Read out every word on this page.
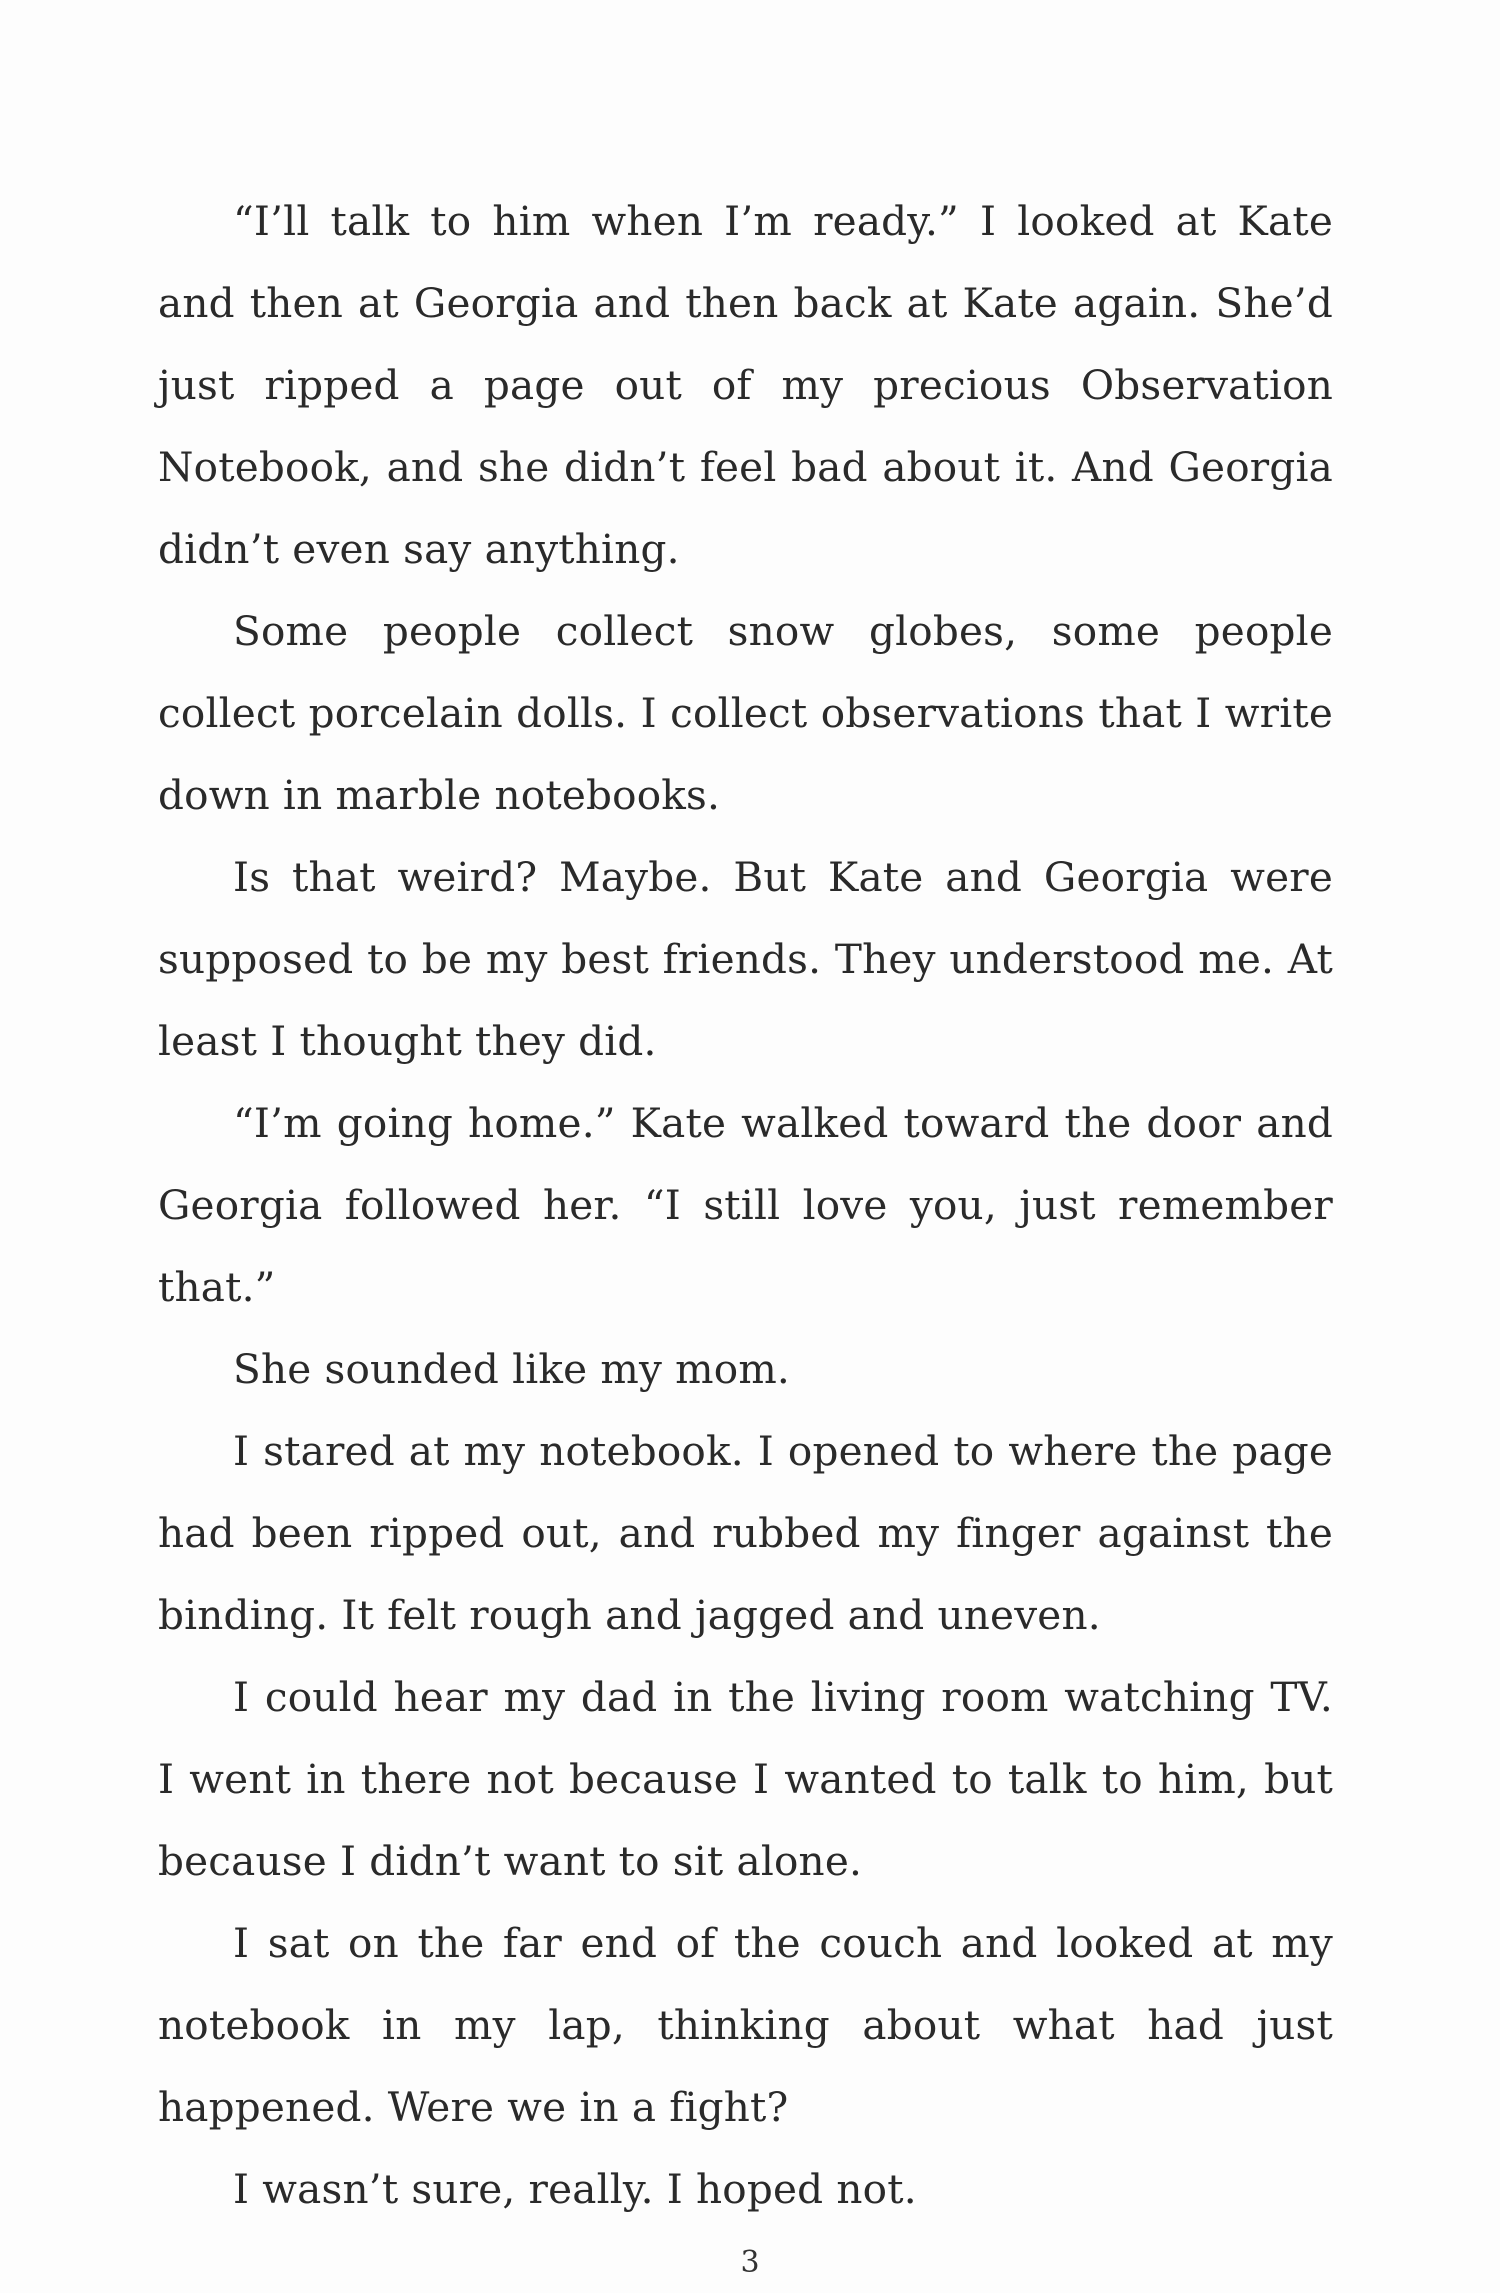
“I’ll talk to him when I’m ready.” I looked at Kate and then at Georgia and then back at Kate again. She’d just ripped a page out of my precious Observation Notebook, and she didn’t feel bad about it. And Georgia didn’t even say anything.

Some people collect snow globes, some people collect porcelain dolls. I collect observations that I write down in marble notebooks.

Is that weird? Maybe. But Kate and Georgia were supposed to be my best friends. They understood me. At least I thought they did.

“I’m going home.” Kate walked toward the door and Georgia followed her. “I still love you, just remember that.”

She sounded like my mom.

I stared at my notebook. I opened to where the page had been ripped out, and rubbed my finger against the binding. It felt rough and jagged and uneven.

I could hear my dad in the living room watching TV. I went in there not because I wanted to talk to him, but because I didn’t want to sit alone.

I sat on the far end of the couch and looked at my notebook in my lap, thinking about what had just happened. Were we in a fight?

I wasn’t sure, really. I hoped not.

3
